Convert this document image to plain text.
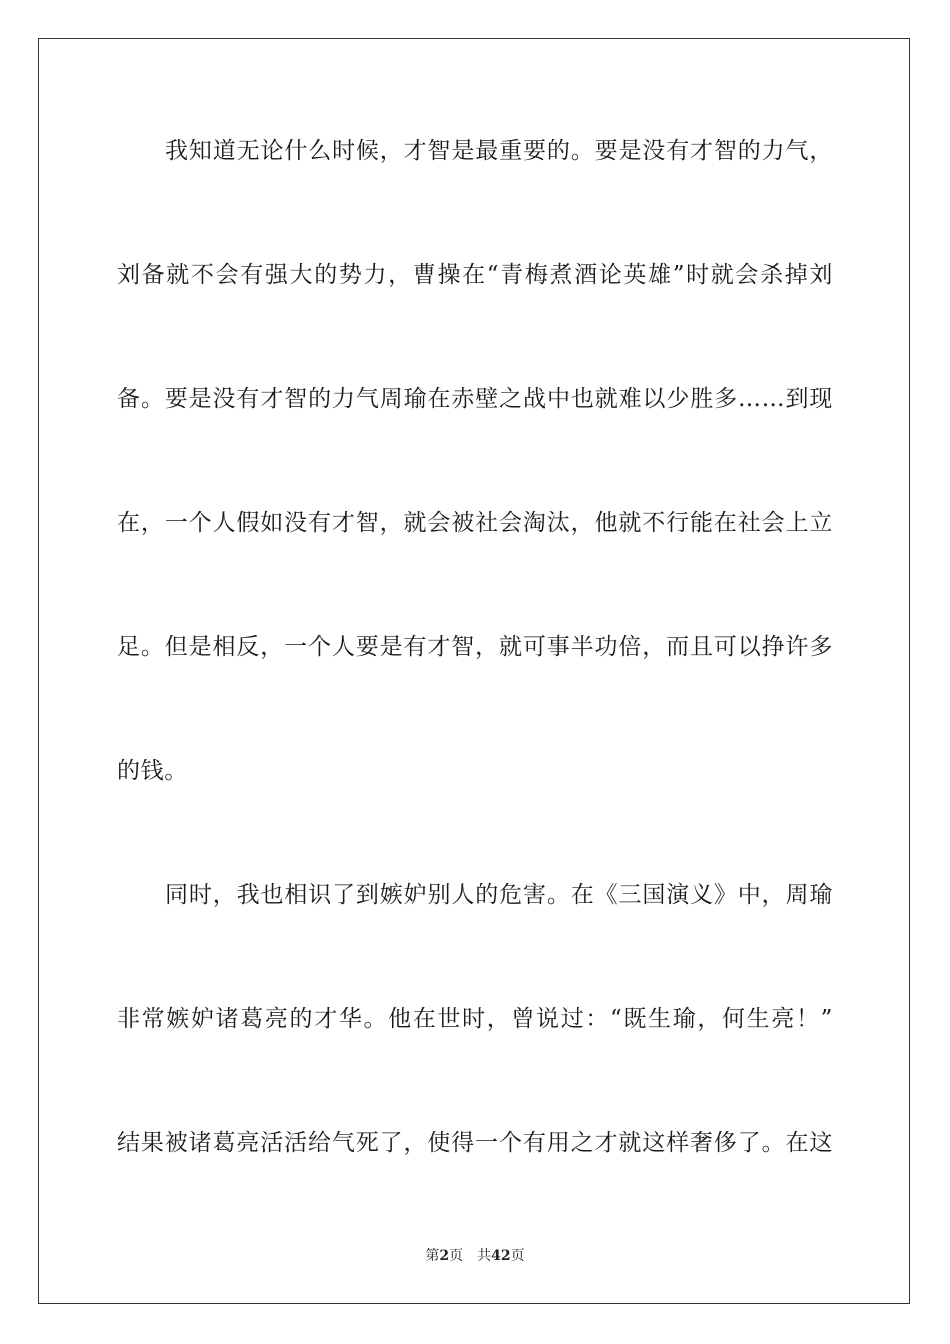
我知道无论什么时候，才智是最重要的。要是没有才智的力气，
刘备就不会有强大的势力，曹操在“青梅煮酒论英雄”时就会杀掉刘
备。要是没有才智的力气周瑜在赤壁之战中也就难以少胜多……到现
在，一个人假如没有才智，就会被社会淘汰，他就不行能在社会上立
足。但是相反，一个人要是有才智，就可事半功倍，而且可以挣许多
的钱。
同时，我也相识了到嫉妒别人的危害。在《三国演义》中，周瑜
非常嫉妒诸葛亮的才华。他在世时，曾说过：“既生瑜，何生亮！”
结果被诸葛亮活活给气死了，使得一个有用之才就这样奢侈了。在这
第2页 共42页
